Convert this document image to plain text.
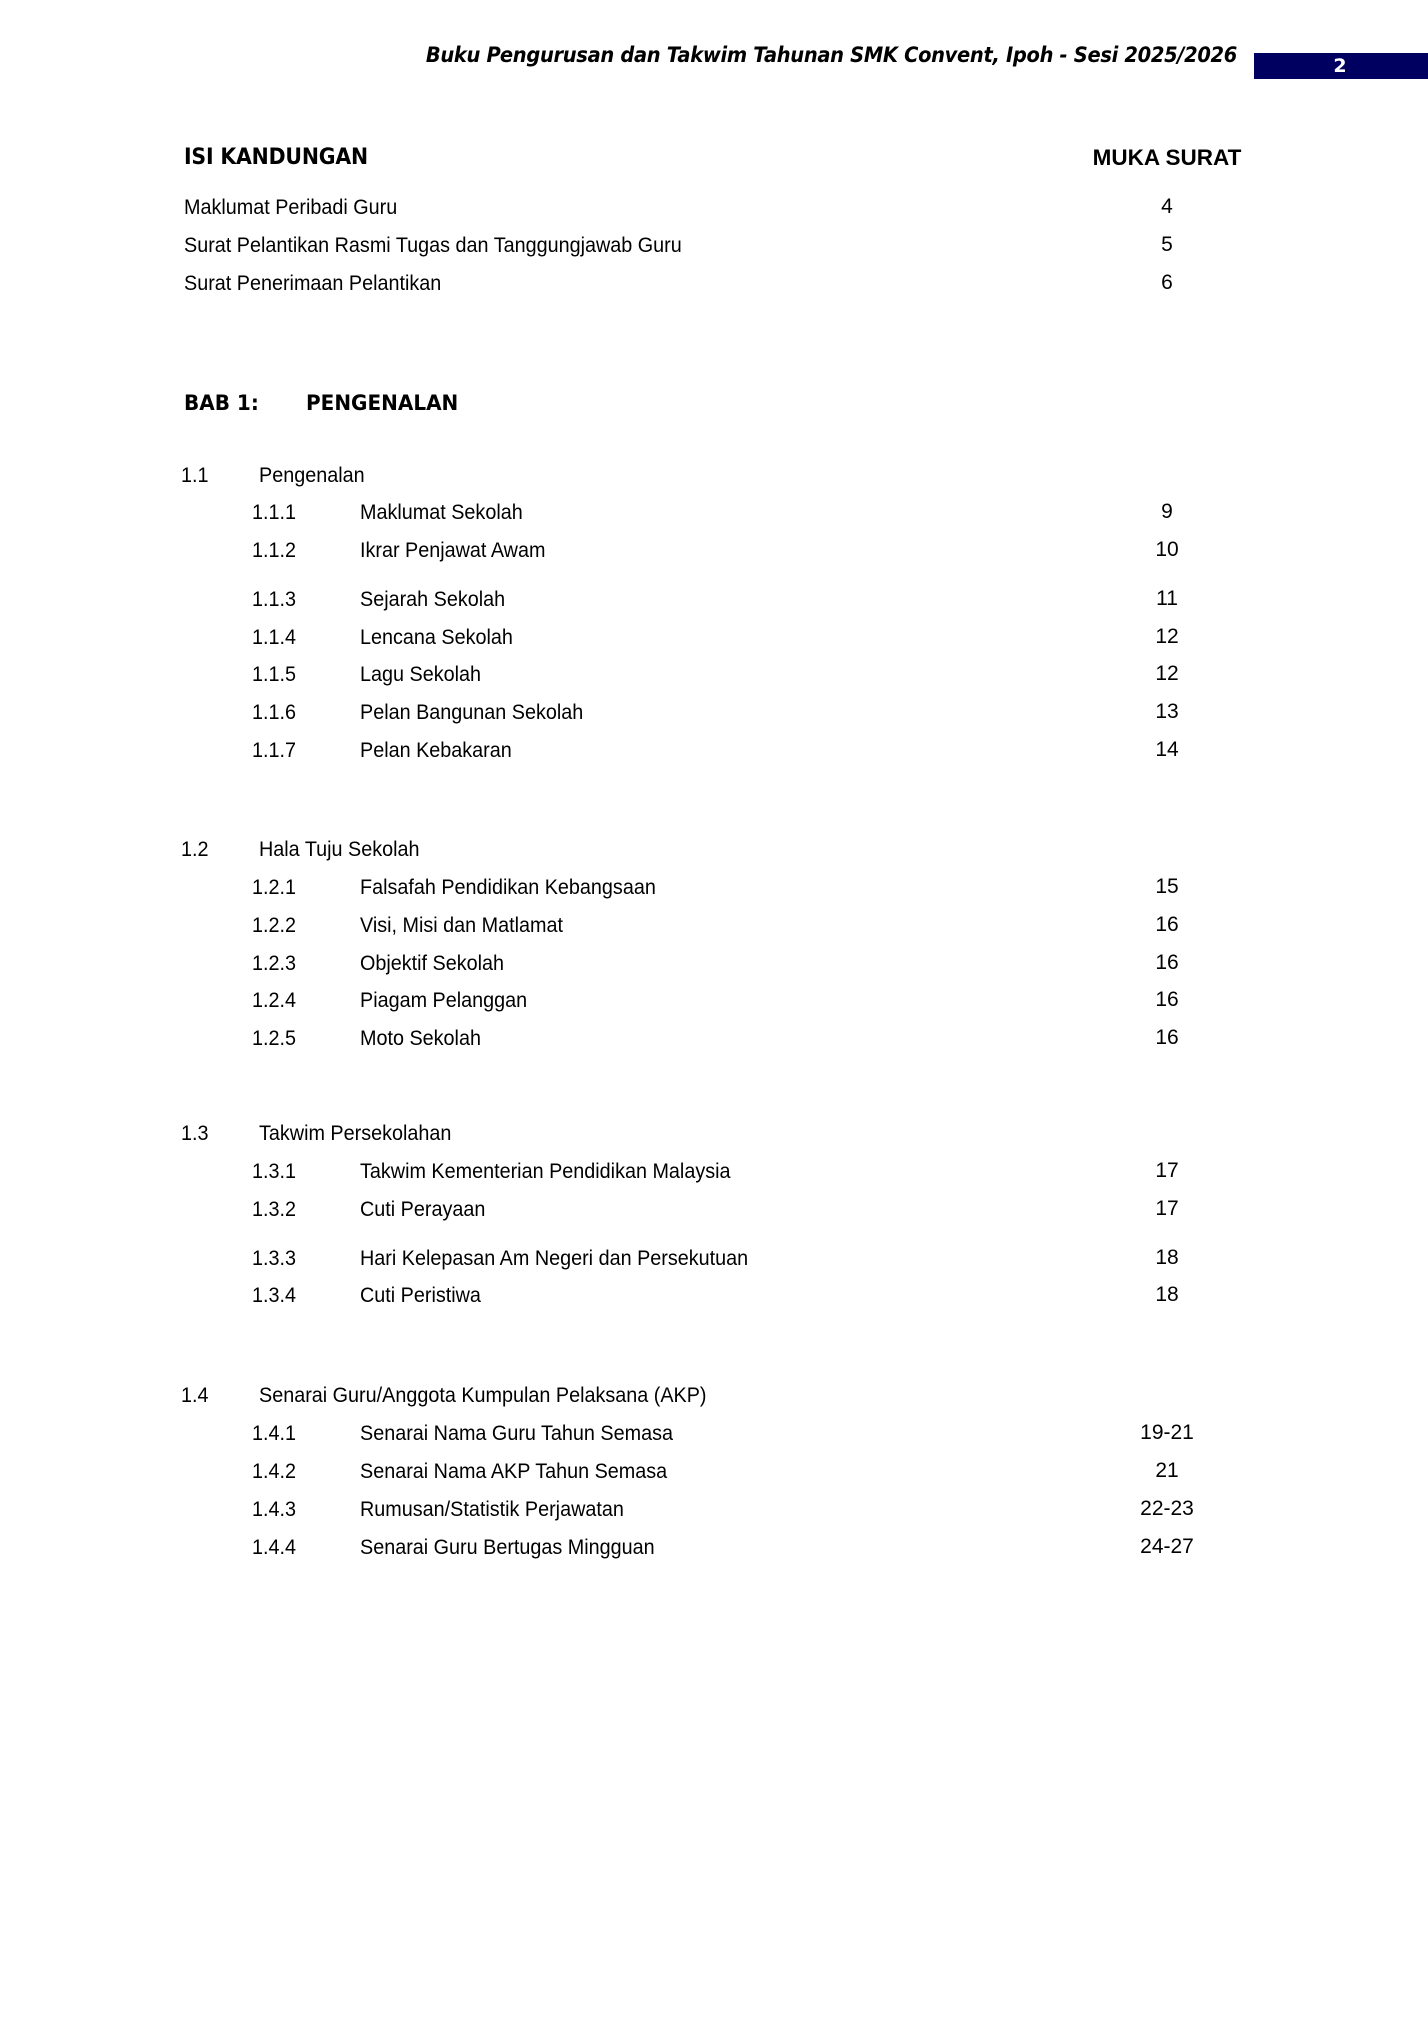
Buku Pengurusan dan Takwim Tahunan SMK Convent, Ipoh - Sesi 2025/2026	2
ISI KANDUNGAN	MUKA SURAT
Maklumat Peribadi Guru	4
Surat Pelantikan Rasmi Tugas dan Tanggungjawab Guru	5
Surat Penerimaan Pelantikan	6
BAB 1: PENGENALAN
1.1 Pengenalan
1.1.1	Maklumat Sekolah	9
1.1.2	Ikrar Penjawat Awam	10
1.1.3	Sejarah Sekolah	11
1.1.4	Lencana Sekolah	12
1.1.5	Lagu Sekolah	12
1.1.6	Pelan Bangunan Sekolah	13
1.1.7	Pelan Kebakaran	14
1.2 Hala Tuju Sekolah
1.2.1	Falsafah Pendidikan Kebangsaan	15
1.2.2	Visi, Misi dan Matlamat	16
1.2.3	Objektif Sekolah	16
1.2.4	Piagam Pelanggan	16
1.2.5	Moto Sekolah	16
1.3 Takwim Persekolahan
1.3.1	Takwim Kementerian Pendidikan Malaysia	17
1.3.2	Cuti Perayaan	17
1.3.3	Hari Kelepasan Am Negeri dan Persekutuan	18
1.3.4	Cuti Peristiwa	18
1.4 Senarai Guru/Anggota Kumpulan Pelaksana (AKP)
1.4.1	Senarai Nama Guru Tahun Semasa	19-21
1.4.2	Senarai Nama AKP Tahun Semasa	21
1.4.3	Rumusan/Statistik Perjawatan	22-23
1.4.4	Senarai Guru Bertugas Mingguan	24-27
